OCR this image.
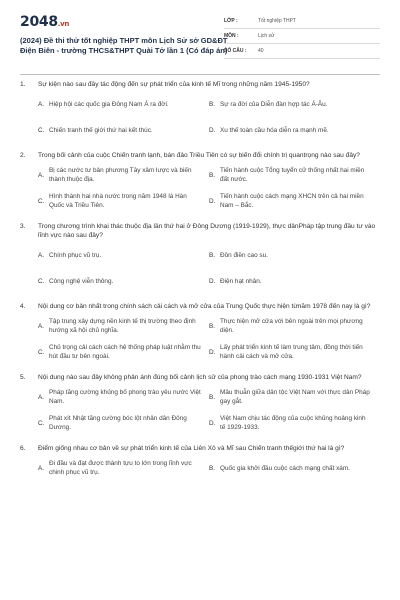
2048.vn
(2024) Đề thi thử tốt nghiệp THPT môn Lịch Sử sở GD&ĐT Điện Biên - trường THCS&THPT Quài Tở lần 1 (Có đáp án)
LỚP :	Tốt nghiệp THPT
MÔN :	Lịch sử
SỐ CÂU :	40
1.	Sự kiện nào sau đây tác động đến sự phát triển của kinh tế Mĩ trong những năm 1945-1950?
A. Hiệp hội các quốc gia Đông Nam Á ra đời.	B. Sự ra đời của Diễn đàn hợp tác Á-Âu.
C. Chiến tranh thế giới thứ hai kết thúc.	D. Xu thế toàn cầu hóa diễn ra mạnh mẽ.
2.	Trong bối cảnh của cuộc Chiến tranh lạnh, bán đảo Triều Tiên có sự biến đổi chính trị quantrọng nào sau đây?
A.
Bị các nước tư bản phương Tây xâm lược và biến thành thuộc địa.
B.
Tiến hành cuộc Tổng tuyển cử thống nhất hai miền đất nước.
C.
Hình thành hai nhà nước trong năm 1948 là Hàn Quốc và Triều Tiên.
D.
Tiến hành cuộc cách mạng XHCN trên cả hai miền Nam – Bắc.
3.	Trong chương trình khai thác thuộc địa lần thứ hai ở Đông Dương (1919-1929), thực dânPháp tập trung đầu tư vào lĩnh vực nào sau đây?
A. Chính phục vũ trụ.	B. Đồn điền cao su.
C. Công nghệ viễn thông.	D. Điện hạt nhân.
4.	Nội dung cơ bản nhất trong chính sách cải cách và mở cửa của Trung Quốc thực hiện từnăm 1978 đến nay là gì?
A.
Tập trung xây dựng nền kinh tế thị trường theo định hướng xã hội chủ nghĩa.
B.
Thực hiện mở cửa với bên ngoài trên mọi phương diện.
C.
Chủ trọng cải cách cách hệ thống pháp luật nhằm thu hút đầu tư bên ngoài.
D.
Lấy phát triển kinh tế làm trung tâm, đồng thời tiến hành cải cách và mở cửa.
5.	Nội dung nào sau đây không phản ánh đúng bối cảnh lịch sử của phong trào cách mạng 1930-1931 Việt Nam?
A.
Pháp tăng cường khủng bố phong trào yêu nước Việt Nam.
B.
Mâu thuẫn giữa dân tộc Việt Nam với thực dân Pháp gay gắt.
C.
Phát xít Nhật tăng cường bóc lột nhân dân Đông Dương.
D.
Việt Nam chịu tác động của cuộc khủng hoảng kinh tế 1929-1933.
6.	Điểm giống nhau cơ bản về sự phát triển kinh tế của Liên Xô và Mĩ sau Chiến tranh thếgiới thứ hai là gì?
A.
Đi đầu và đạt được thành tựu to lớn trong lĩnh vực chinh phục vũ trụ.
B. Quốc gia khởi đầu cuộc cách mạng chất xám.
